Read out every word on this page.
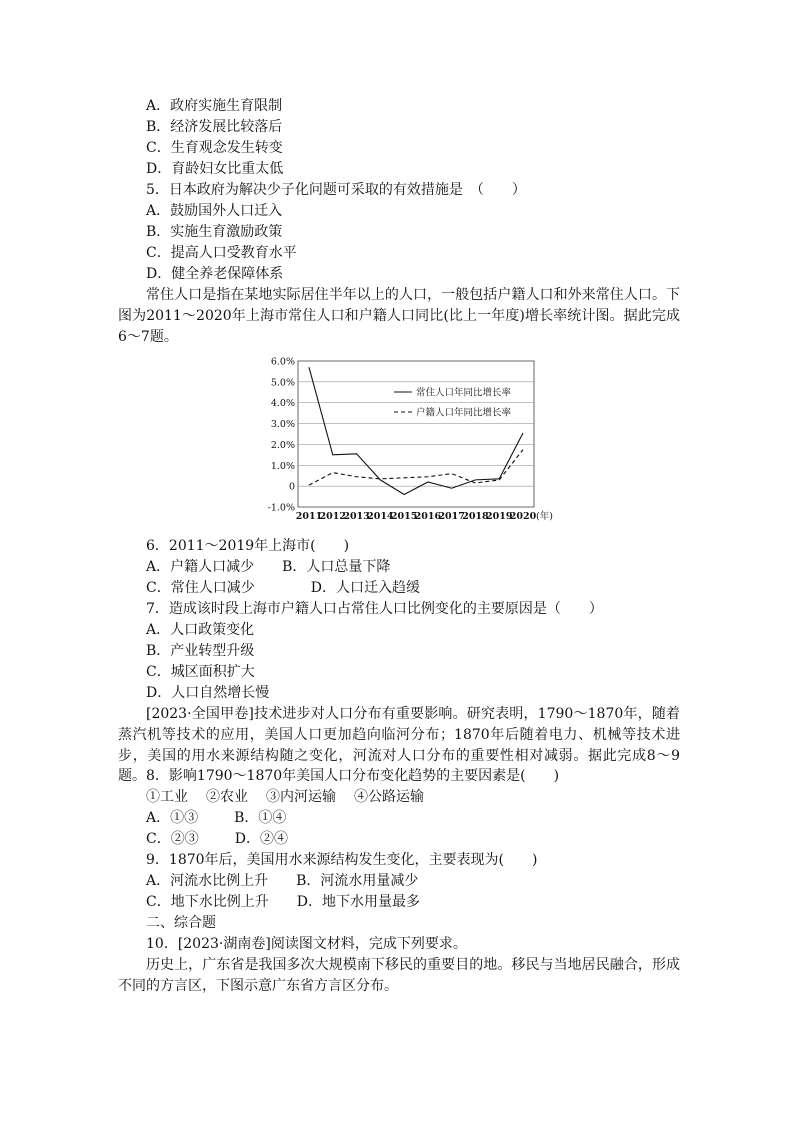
A．政府实施生育限制
B．经济发展比较落后
C．生育观念发生转变
D．育龄妇女比重太低
5．日本政府为解决少子化问题可采取的有效措施是　（　　）
A．鼓励国外人口迁入
B．实施生育激励政策
C．提高人口受教育水平
D．健全养老保障体系
常住人口是指在某地实际居住半年以上的人口，一般包括户籍人口和外来常住人口。下图为2011～2020年上海市常住人口和户籍人口同比(比上一年度)增长率统计图。据此完成6～7题。
6.0%
5.0%
4.0%
3.0%
2.0%
1.0%
0
-1.0%
2011
2012
2013
2014
2015
2016
2017
2018
2019
2020 (年)
常住人口年同比增长率
户籍人口年同比增长率
6．2011～2019年上海市(　　)
A．户籍人口减少 B．人口总量下降
C．常住人口减少	D．人口迁入趋缓
7．造成该时段上海市户籍人口占常住人口比例变化的主要原因是（　　）
A．人口政策变化
B．产业转型升级
C．城区面积扩大
D．人口自然增长慢
[2023·全国甲卷]技术进步对人口分布有重要影响。研究表明，1790～1870年，随着蒸汽机等技术的应用，美国人口更加趋向临河分布；1870年后随着电力、机械等技术进步，美国的用水来源结构随之变化，河流对人口分布的重要性相对减弱。据此完成8～9题。 8．影响1790～1870年美国人口分布变化趋势的主要因素是(　　)
①工业 ②农业 ③内河运输 ④公路运输
A．①③	B．①④
C．②③	D．②④
9．1870年后，美国用水来源结构发生变化，主要表现为(　　)
A．河流水比例上升 B．河流水用量减少
C．地下水比例上升 D．地下水用量最多
二、综合题
10．[2023·湖南卷]阅读图文材料，完成下列要求。
历史上，广东省是我国多次大规模南下移民的重要目的地。移民与当地居民融合，形成不同的方言区，下图示意广东省方言区分布。
